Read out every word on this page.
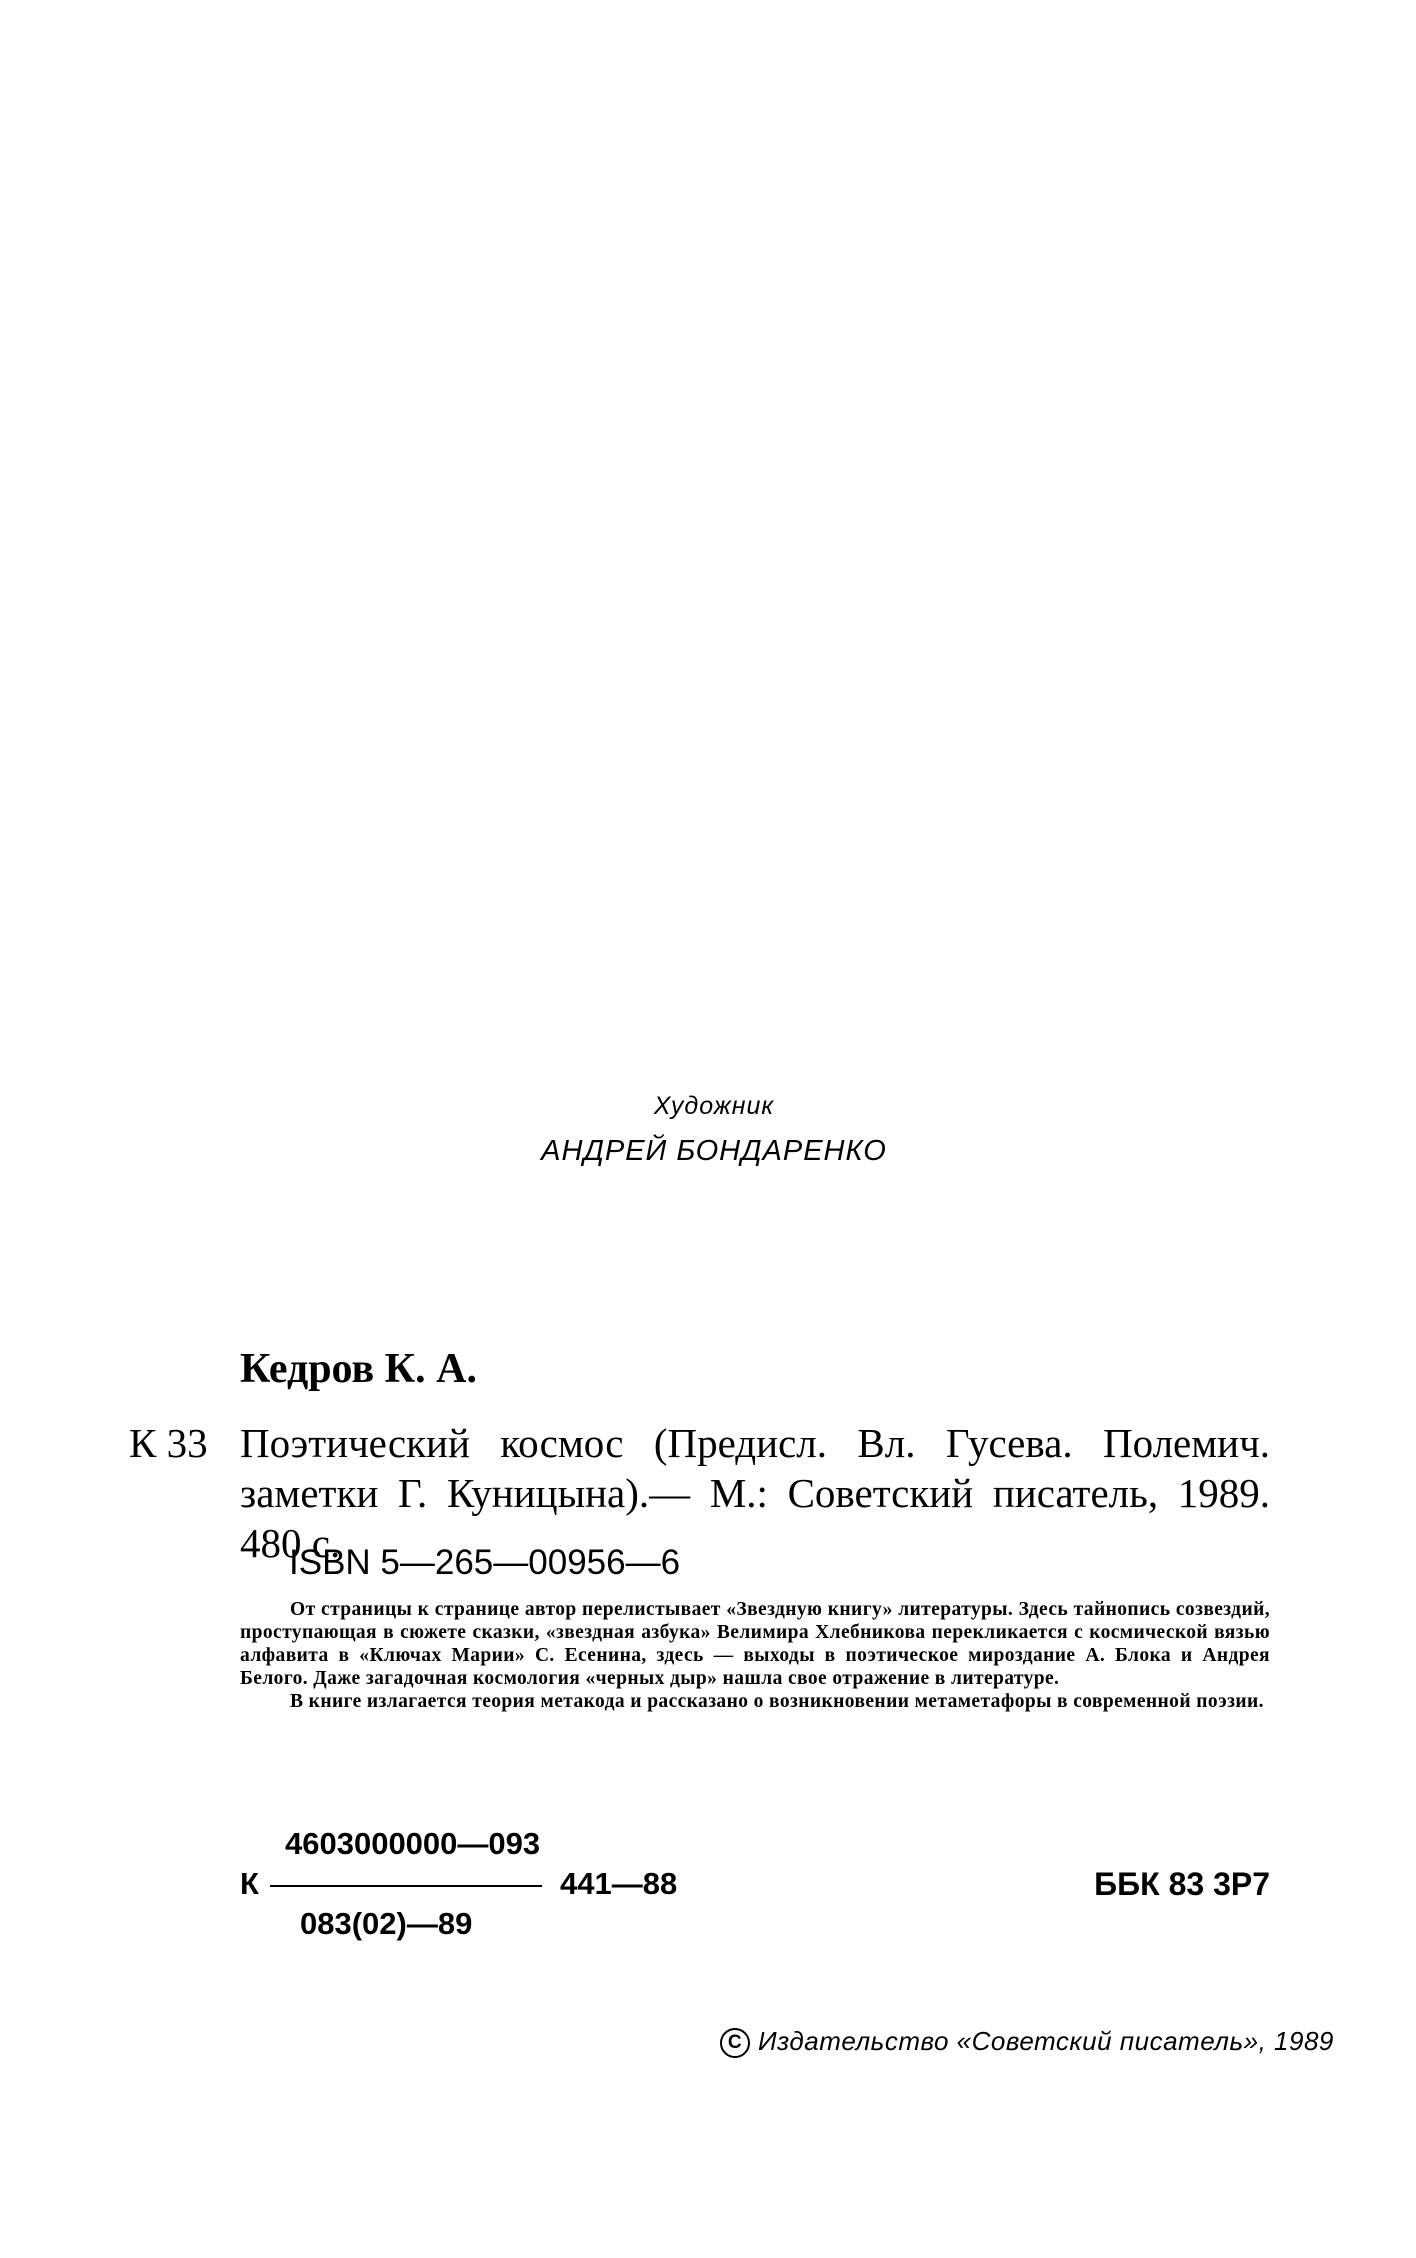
Художник
АНДРЕЙ БОНДАРЕНКО
Кедров К. А.
К 33 Поэтический космос (Предисл. Вл. Гусева. Полемич. заметки Г. Куницына).— М.: Советский писатель, 1989. 480 с.

ISBN 5—265—00956—6

От страницы к странице автор перелистывает «Звездную книгу» литературы. Здесь тайнопись созвездий, проступающая в сюжете сказки, «звездная азбука» Велимира Хлебникова перекликается с космической вязью алфавита в «Ключах Марии» С. Есенина, здесь — выходы в поэтическое мироздание А. Блока и Андрея Белого. Даже загадочная космология «черных дыр» нашла свое отражение в литературе.

В книге излагается теория метакода и рассказано о возникновении метаметафоры в современной поэзии.

4603000000—093
К	441—88
083(02)—89
ББК 83 3Р7
C Издательство «Советский писатель», 1989
